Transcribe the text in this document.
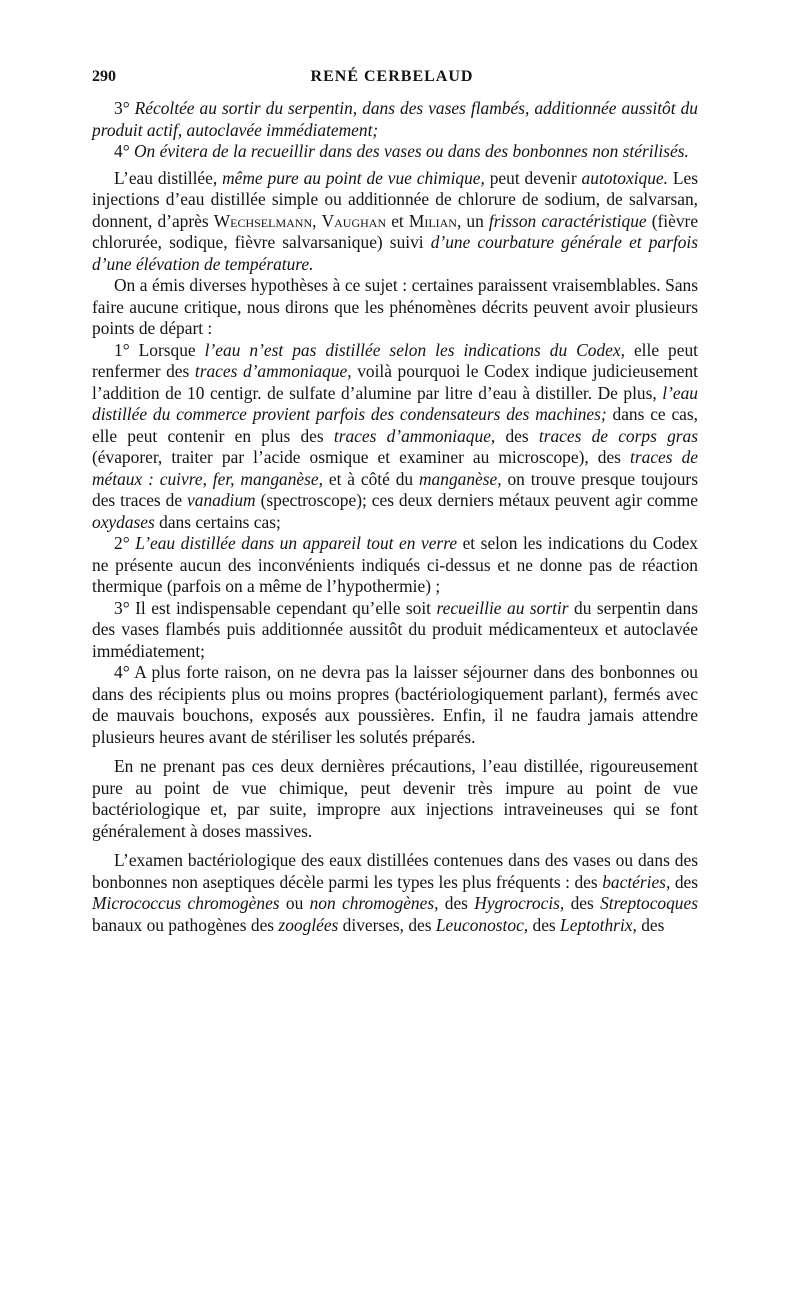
290	RENÉ CERBELAUD

3° Récoltée au sortir du serpentin, dans des vases flambés, additionnée aussitôt du produit actif, autoclavée immédiatement;

4° On évitera de la recueillir dans des vases ou dans des bonbonnes non stérilisés.

L’eau distillée, même pure au point de vue chimique, peut devenir autotoxique. Les injections d’eau distillée simple ou additionnée de chlorure de sodium, de salvarsan, donnent, d’après Wechselmann, Vaughan et Milian, un frisson caractéristique (fièvre chlorurée, sodique, fièvre salvarsanique) suivi d’une courbature générale et parfois d’une élévation de température.

On a émis diverses hypothèses à ce sujet : certaines paraissent vraisemblables. Sans faire aucune critique, nous dirons que les phénomènes décrits peuvent avoir plusieurs points de départ :

1° Lorsque l’eau n’est pas distillée selon les indications du Codex, elle peut renfermer des traces d’ammoniaque, voilà pourquoi le Codex indique judicieusement l’addition de 10 centigr. de sulfate d’alumine par litre d’eau à distiller. De plus, l’eau distillée du commerce provient parfois des condensateurs des machines; dans ce cas, elle peut contenir en plus des traces d’ammoniaque, des traces de corps gras (évaporer, traiter par l’acide osmique et examiner au microscope), des traces de métaux : cuivre, fer, manganèse, et à côté du manganèse, on trouve presque toujours des traces de vanadium (spectroscope); ces deux derniers métaux peuvent agir comme oxydases dans certains cas;

2° L’eau distillée dans un appareil tout en verre et selon les indications du Codex ne présente aucun des inconvénients indiqués ci-dessus et ne donne pas de réaction thermique (parfois on a même de l’hypothermie) ;

3° Il est indispensable cependant qu’elle soit recueillie au sortir du serpentin dans des vases flambés puis additionnée aussitôt du produit médicamenteux et autoclavée immédiatement;

4° A plus forte raison, on ne devra pas la laisser séjourner dans des bonbonnes ou dans des récipients plus ou moins propres (bactériologiquement parlant), fermés avec de mauvais bouchons, exposés aux poussières. Enfin, il ne faudra jamais attendre plusieurs heures avant de stériliser les solutés préparés.

En ne prenant pas ces deux dernières précautions, l’eau distillée, rigoureusement pure au point de vue chimique, peut devenir très impure au point de vue bactériologique et, par suite, impropre aux injections intraveineuses qui se font généralement à doses massives.

L’examen bactériologique des eaux distillées contenues dans des vases ou dans des bonbonnes non aseptiques décèle parmi les types les plus fréquents : des bactéries, des Micrococcus chromogènes ou non chromogènes, des Hygrocrocis, des Streptocoques banaux ou pathogènes des zooglées diverses, des Leuconostoc, des Leptothrix, des
